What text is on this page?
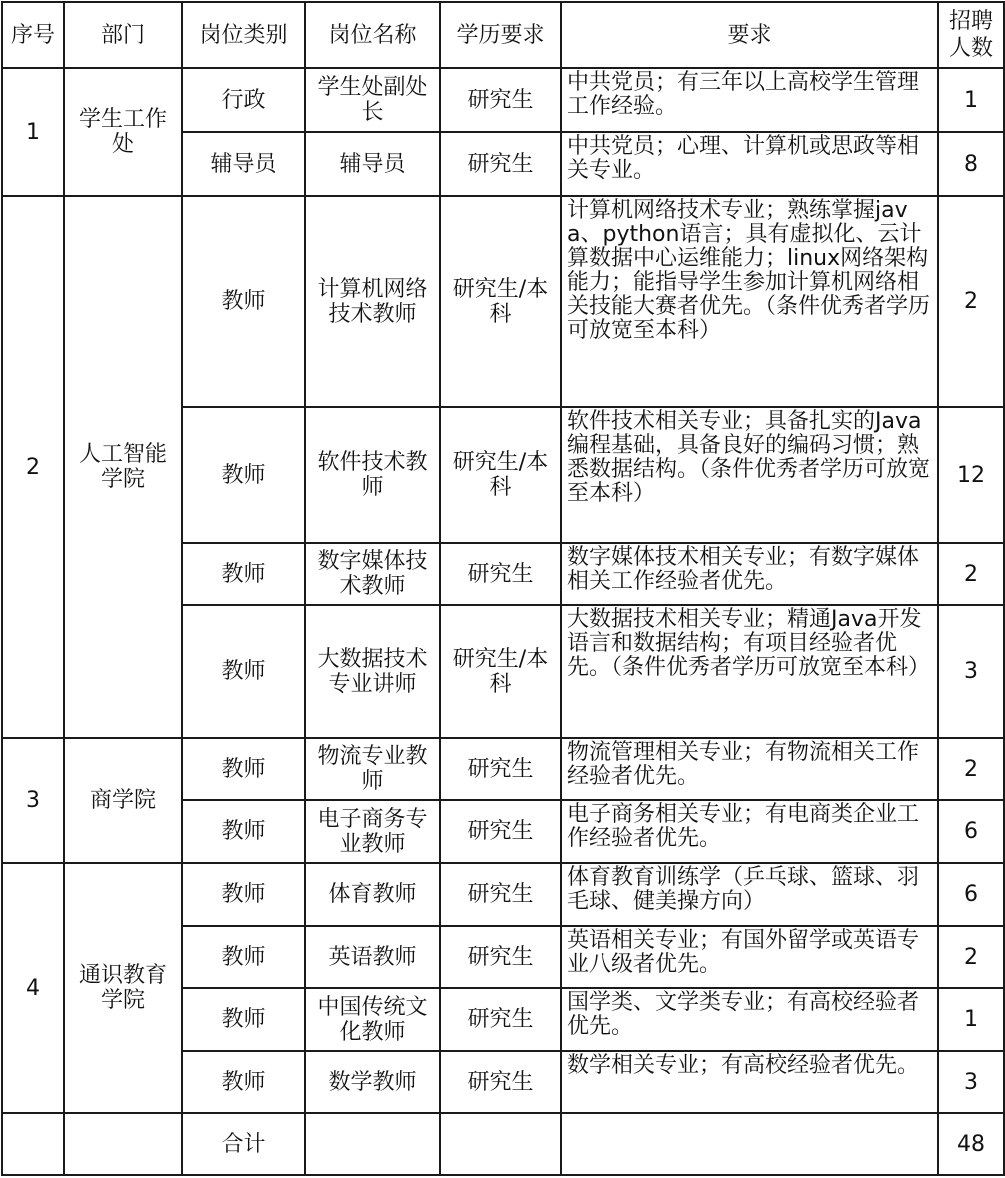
序号	部门	岗位类别	岗位名称	学历要求	要求	招聘人数
1	学生工作处	行政	学生处副处长	研究生	中共党员；有三年以上高校学生管理工作经验。	1
		辅导员	辅导员	研究生	中共党员；心理、计算机或思政等相关专业。	8
2	人工智能学院	教师	计算机网络技术教师	研究生/本科	计算机网络技术专业；熟练掌握java、python语言；具有虚拟化、云计算数据中心运维能力；linux网络架构能力；能指导学生参加计算机网络相关技能大赛者优先。（条件优秀者学历可放宽至本科）	2
		教师	软件技术教师	研究生/本科	软件技术相关专业；具备扎实的Java编程基础，具备良好的编码习惯；熟悉数据结构。（条件优秀者学历可放宽至本科）	12
		教师	数字媒体技术教师	研究生	数字媒体技术相关专业；有数字媒体相关工作经验者优先。	2
		教师	大数据技术专业讲师	研究生/本科	大数据技术相关专业；精通Java开发语言和数据结构；有项目经验者优先。（条件优秀者学历可放宽至本科）	3
3	商学院	教师	物流专业教师	研究生	物流管理相关专业；有物流相关工作经验者优先。	2
		教师	电子商务专业教师	研究生	电子商务相关专业；有电商类企业工作经验者优先。	6
4	通识教育学院	教师	体育教师	研究生	体育教育训练学（乒乓球、篮球、羽毛球、健美操方向）	6
		教师	英语教师	研究生	英语相关专业；有国外留学或英语专业八级者优先。	2
		教师	中国传统文化教师	研究生	国学类、文学类专业；有高校经验者优先。	1
		教师	数学教师	研究生	数学相关专业；有高校经验者优先。	3
		合计				48
